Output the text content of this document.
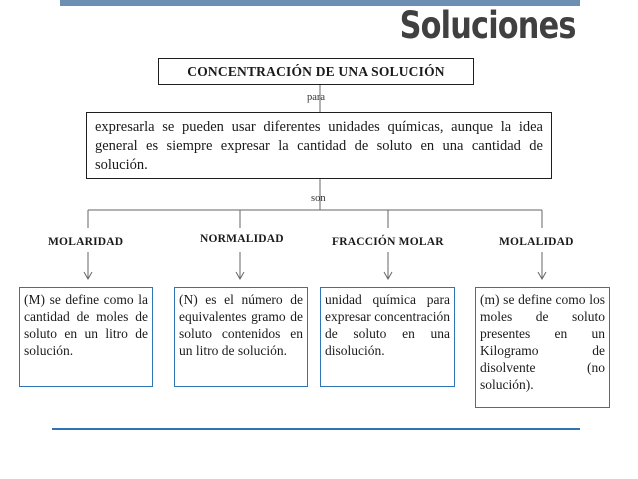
Soluciones
CONCENTRACIÓN DE UNA SOLUCIÓN
para
expresarla se pueden usar diferentes unidades químicas, aunque la idea general es siempre expresar la cantidad de soluto en una cantidad de solución.
son
MOLARIDAD	NORMALIDAD	FRACCIÓN MOLAR	MOLALIDAD
(M) se define como la cantidad de moles de soluto en un litro de solución.
(N) es el número de equivalentes gramo de soluto contenidos en un litro de solución.
unidad química para expresar concentración de soluto en una disolución.
(m) se define como los moles de soluto presentes en un Kilogramo de disolvente (no solución).
